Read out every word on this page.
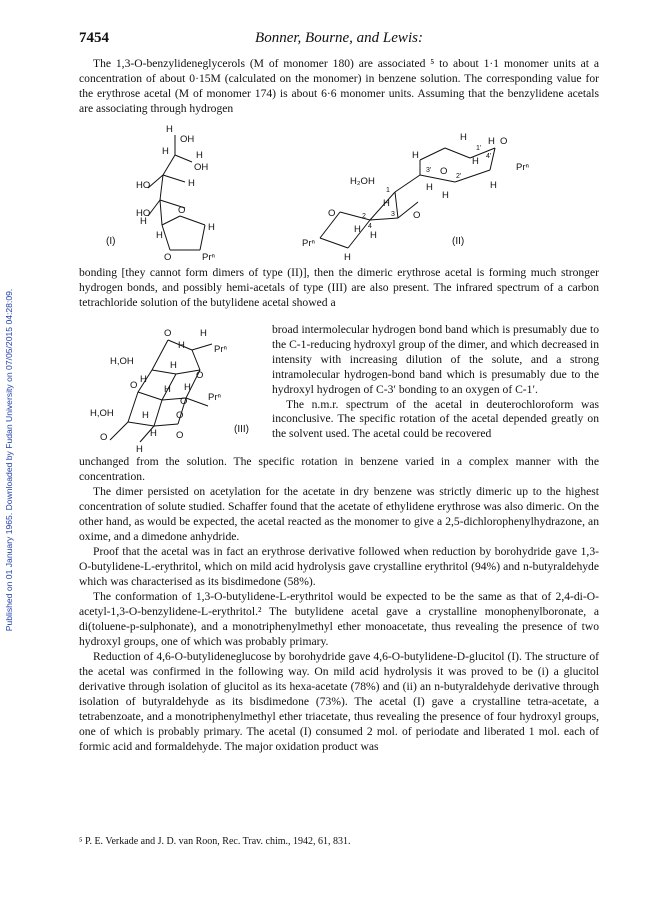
Published on 01 January 1965. Downloaded by Fudan University on 07/05/2015 04:28:09.
7454	Bonner, Bourne, and Lewis:

The 1,3-O-benzylideneglycerols (M of monomer 180) are associated ⁵ to about 1·1 monomer units at a concentration of about 0·15M (calculated on the monomer) in benzene solution. The corresponding value for the erythrose acetal (M of monomer 174) is about 6·6 monomer units. Assuming that the benzylidene acetals are associating through hydrogen

H
OH
H	H
OH
HO	H
HO
H
H
O
H
O	Prⁿ
(I)
H
1'
H O
4'
H
O 2'
3'
H
H₂OH
1
H
O
3
O	2
Prⁿ
H
H
4
H
Prⁿ
H
H
H
(II)

bonding [they cannot form dimers of type (II)], then the dimeric erythrose acetal is forming much stronger hydrogen bonds, and possibly hemi-acetals of type (III) are also present. The infrared spectrum of a carbon tetrachloride solution of the butylidene acetal showed a

O	H
H	Prⁿ
H,OH	H
O
O
H
H H
Prⁿ
O
H,OH	H	O
O	H O
H
(III)

broad intermolecular hydrogen bond band which is presumably due to the C-1-reducing hydroxyl group of the dimer, and which decreased in intensity with increasing dilution of the solute, and a strong intramolecular hydrogen-bond band which is presumably due to the hydroxyl hydrogen of C-3′ bonding to an oxygen of C-1′.

The n.m.r. spectrum of the acetal in deuterochloroform was inconclusive. The specific rotation of the acetal depended greatly on the solvent used. The acetal could be recovered

unchanged from the solution. The specific rotation in benzene varied in a complex manner with the concentration.

The dimer persisted on acetylation for the acetate in dry benzene was strictly dimeric up to the highest concentration of solute studied. Schaffer found that the acetate of ethylidene erythrose was also dimeric. On the other hand, as would be expected, the acetal reacted as the monomer to give a 2,5-dichlorophenylhydrazone, an oxime, and a dimedone anhydride.

Proof that the acetal was in fact an erythrose derivative followed when reduction by borohydride gave 1,3-O-butylidene-L-erythritol, which on mild acid hydrolysis gave crystalline erythritol (94%) and n-butyraldehyde which was characterised as its bisdimedone (58%).

The conformation of 1,3-O-butylidene-L-erythritol would be expected to be the same as that of 2,4-di-O-acetyl-1,3-O-benzylidene-L-erythritol.² The butylidene acetal gave a crystalline monophenylboronate, a di(toluene-p-sulphonate), and a monotriphenylmethyl ether monoacetate, thus revealing the presence of two hydroxyl groups, one of which was probably primary.

Reduction of 4,6-O-butylideneglucose by borohydride gave 4,6-O-butylidene-D-glucitol (I). The structure of the acetal was confirmed in the following way. On mild acid hydrolysis it was proved to be (i) a glucitol derivative through isolation of glucitol as its hexa-acetate (78%) and (ii) an n-butyraldehyde derivative through isolation of butyraldehyde as its bisdimedone (73%). The acetal (I) gave a crystalline tetra-acetate, a tetrabenzoate, and a monotriphenylmethyl ether triacetate, thus revealing the presence of four hydroxyl groups, one of which is probably primary. The acetal (I) consumed 2 mol. of periodate and liberated 1 mol. each of formic acid and formaldehyde. The major oxidation product was

⁵ P. E. Verkade and J. D. van Roon, Rec. Trav. chim., 1942, 61, 831.
